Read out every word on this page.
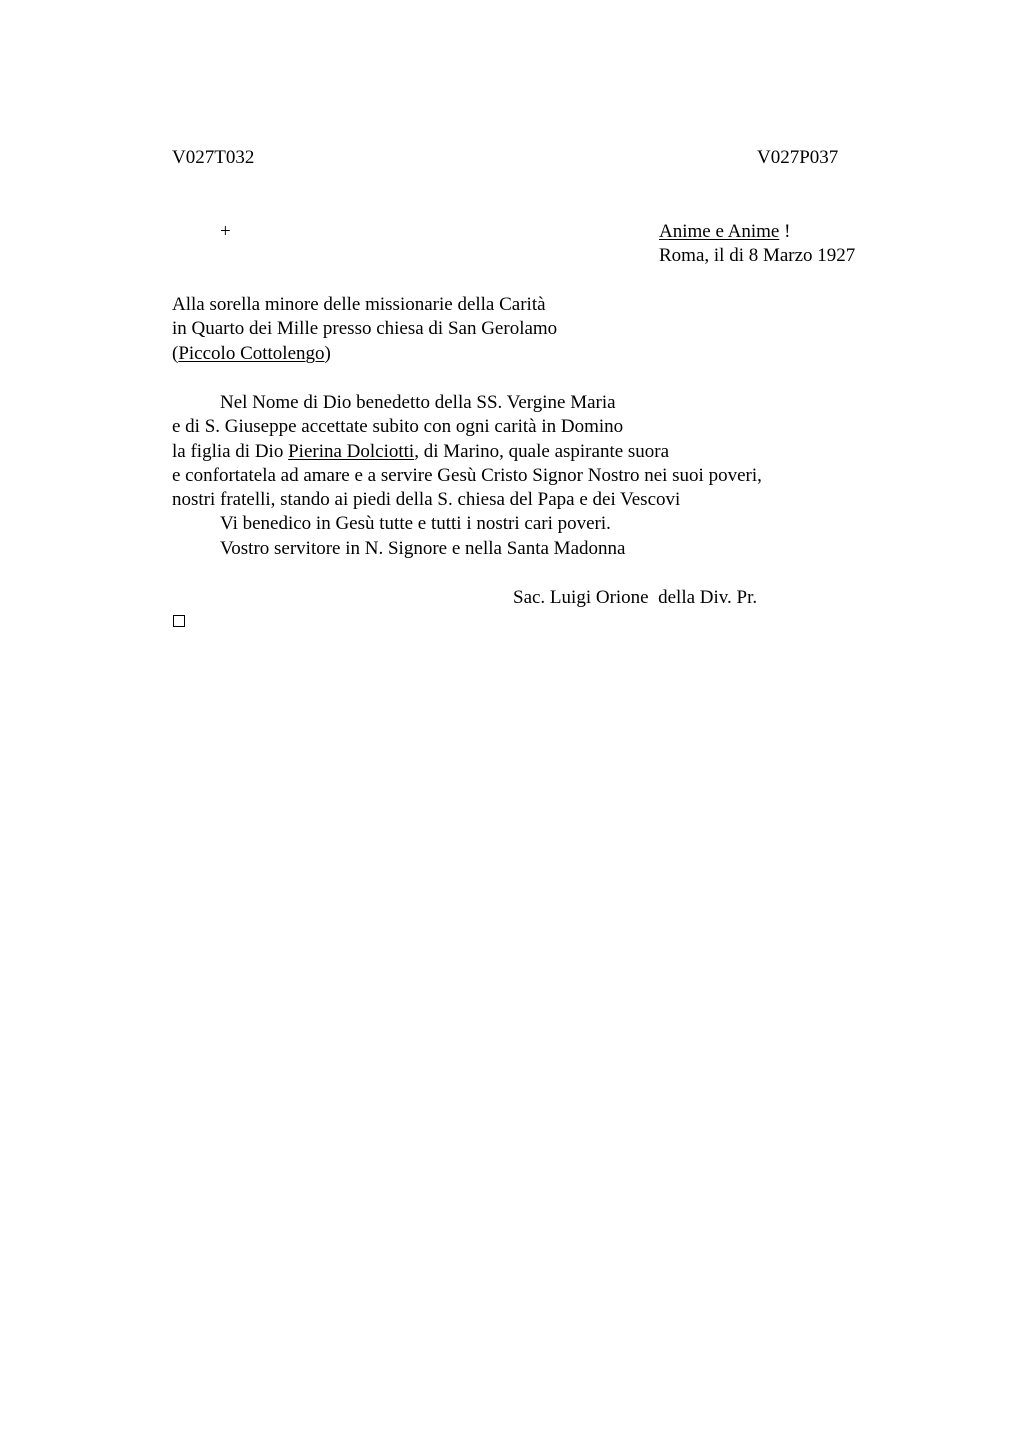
V027T032	V027P037
+	Anime e Anime !
Roma, il di 8 Marzo 1927
Alla sorella minore delle missionarie della Carità
in Quarto dei Mille presso chiesa di San Gerolamo
(Piccolo Cottolengo)
Nel Nome di Dio benedetto della SS. Vergine Maria
e di S. Giuseppe accettate subito con ogni carità in Domino
la figlia di Dio Pierina Dolciotti, di Marino, quale aspirante suora
e confortatela ad amare e a servire Gesù Cristo Signor Nostro nei suoi poveri,
nostri fratelli, stando ai piedi della S. chiesa del Papa e dei Vescovi
Vi benedico in Gesù tutte e tutti i nostri cari poveri.
Vostro servitore in N. Signore e nella Santa Madonna
Sac. Luigi Orione  della Div. Pr.
